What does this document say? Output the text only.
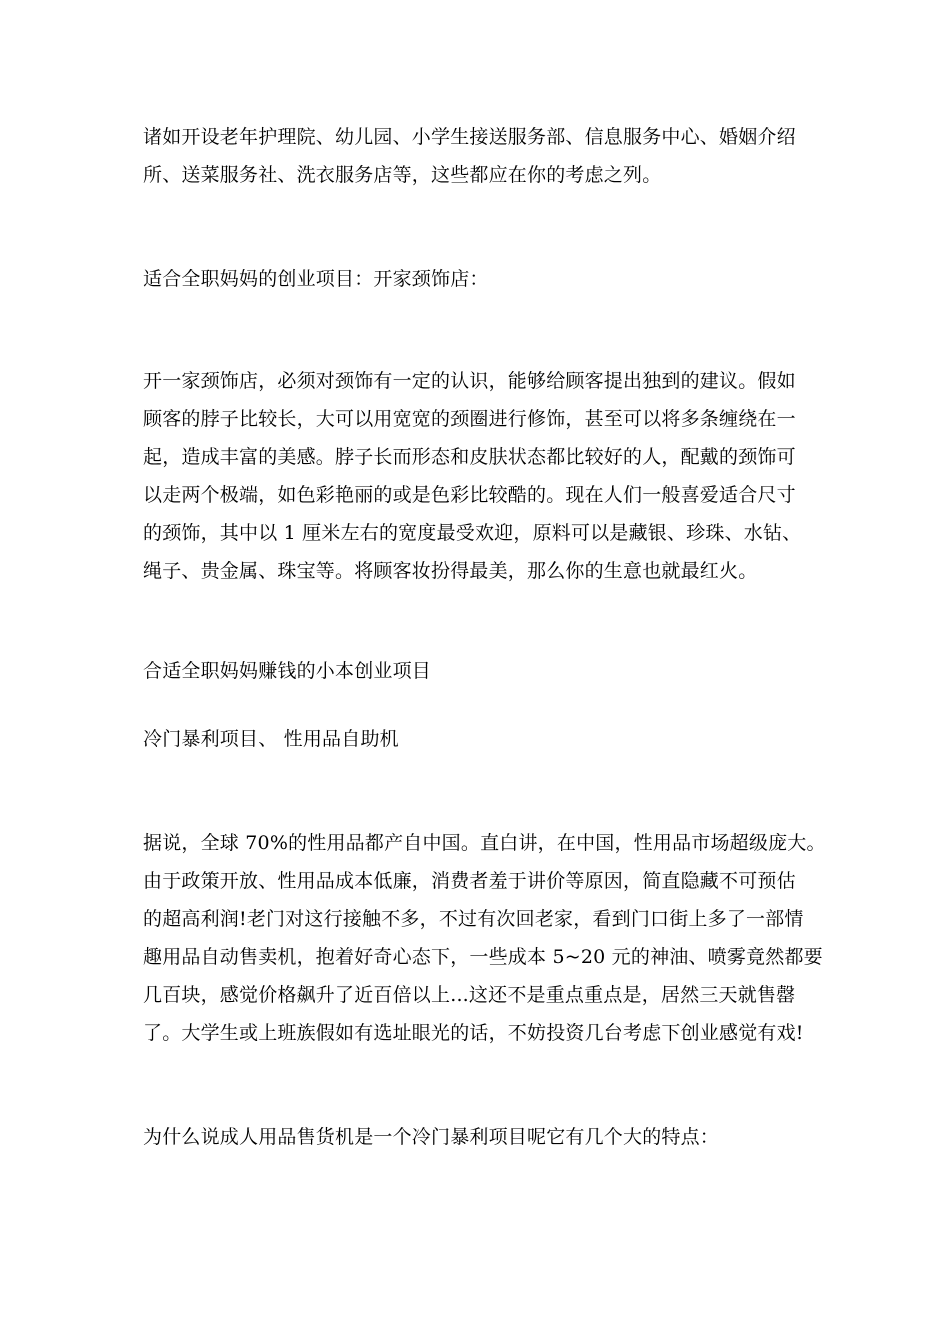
诸如开设老年护理院、幼儿园、小学生接送服务部、信息服务中心、婚姻介绍
所、送菜服务社、洗衣服务店等，这些都应在你的考虑之列。
适合全职妈妈的创业项目：开家颈饰店：
开一家颈饰店，必须对颈饰有一定的认识，能够给顾客提出独到的建议。假如
顾客的脖子比较长，大可以用宽宽的颈圈进行修饰，甚至可以将多条缠绕在一
起，造成丰富的美感。脖子长而形态和皮肤状态都比较好的人，配戴的颈饰可
以走两个极端，如色彩艳丽的或是色彩比较酷的。现在人们一般喜爱适合尺寸
的颈饰，其中以 1 厘米左右的宽度最受欢迎，原料可以是藏银、珍珠、水钻、
绳子、贵金属、珠宝等。将顾客妆扮得最美，那么你的生意也就最红火。
合适全职妈妈赚钱的小本创业项目
冷门暴利项目、 性用品自助机
据说，全球 70%的性用品都产自中国。直白讲，在中国，性用品市场超级庞大。
由于政策开放、性用品成本低廉，消费者羞于讲价等原因，简直隐藏不可预估
的超高利润!老门对这行接触不多，不过有次回老家，看到门口街上多了一部情
趣用品自动售卖机，抱着好奇心态下，一些成本 5~20 元的神油、喷雾竟然都要
几百块，感觉价格飙升了近百倍以上...这还不是重点重点是，居然三天就售罄
了。大学生或上班族假如有选址眼光的话，不妨投资几台考虑下创业感觉有戏!
为什么说成人用品售货机是一个冷门暴利项目呢它有几个大的特点：
